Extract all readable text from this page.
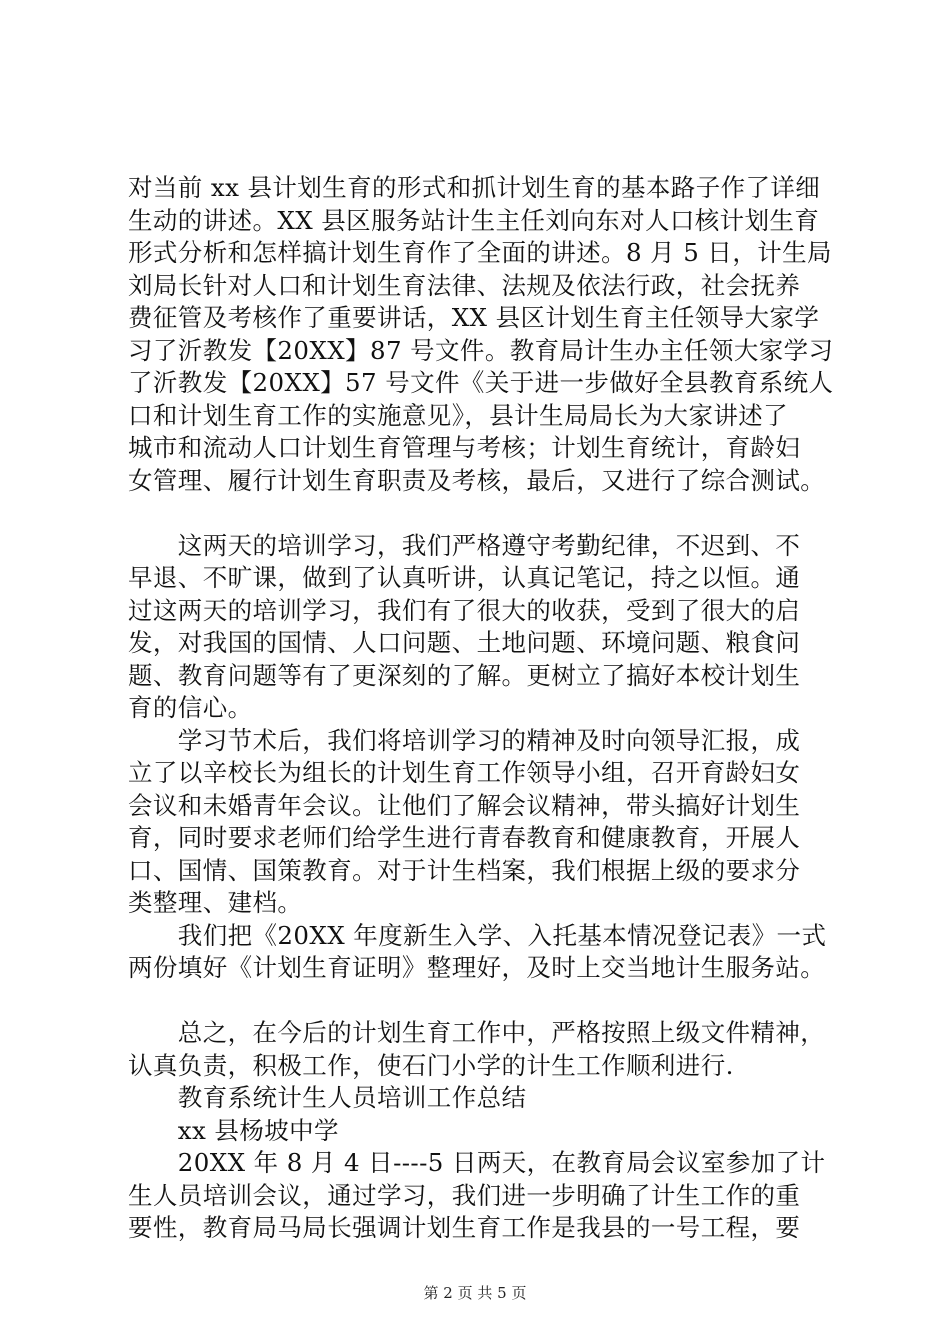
对当前 xx 县计划生育的形式和抓计划生育的基本路子作了详细
生动的讲述。XX 县区服务站计生主任刘向东对人口核计划生育
形式分析和怎样搞计划生育作了全面的讲述。8 月 5 日，计生局
刘局长针对人口和计划生育法律、法规及依法行政，社会抚养
费征管及考核作了重要讲话，XX 县区计划生育主任领导大家学
习了沂教发【20XX】87 号文件。教育局计生办主任领大家学习
了沂教发【20XX】57 号文件《关于进一步做好全县教育系统人
口和计划生育工作的实施意见》，县计生局局长为大家讲述了
城市和流动人口计划生育管理与考核；计划生育统计，育龄妇
女管理、履行计划生育职责及考核，最后，又进行了综合测试。
　　这两天的培训学习，我们严格遵守考勤纪律，不迟到、不
早退、不旷课，做到了认真听讲，认真记笔记，持之以恒。通
过这两天的培训学习，我们有了很大的收获，受到了很大的启
发，对我国的国情、人口问题、土地问题、环境问题、粮食问
题、教育问题等有了更深刻的了解。更树立了搞好本校计划生
育的信心。
　　学习节术后，我们将培训学习的精神及时向领导汇报，成
立了以辛校长为组长的计划生育工作领导小组，召开育龄妇女
会议和未婚青年会议。让他们了解会议精神，带头搞好计划生
育，同时要求老师们给学生进行青春教育和健康教育，开展人
口、国情、国策教育。对于计生档案，我们根据上级的要求分
类整理、建档。
　　我们把《20XX 年度新生入学、入托基本情况登记表》一式
两份填好《计划生育证明》整理好，及时上交当地计生服务站。
　　总之，在今后的计划生育工作中，严格按照上级文件精神，
认真负责，积极工作，使石门小学的计生工作顺利进行.
　　教育系统计生人员培训工作总结
　　xx 县杨坡中学
　　20XX 年 8 月 4 日----5 日两天，在教育局会议室参加了计
生人员培训会议，通过学习，我们进一步明确了计生工作的重
要性，教育局马局长强调计划生育工作是我县的一号工程，要
第 2 页 共 5 页
